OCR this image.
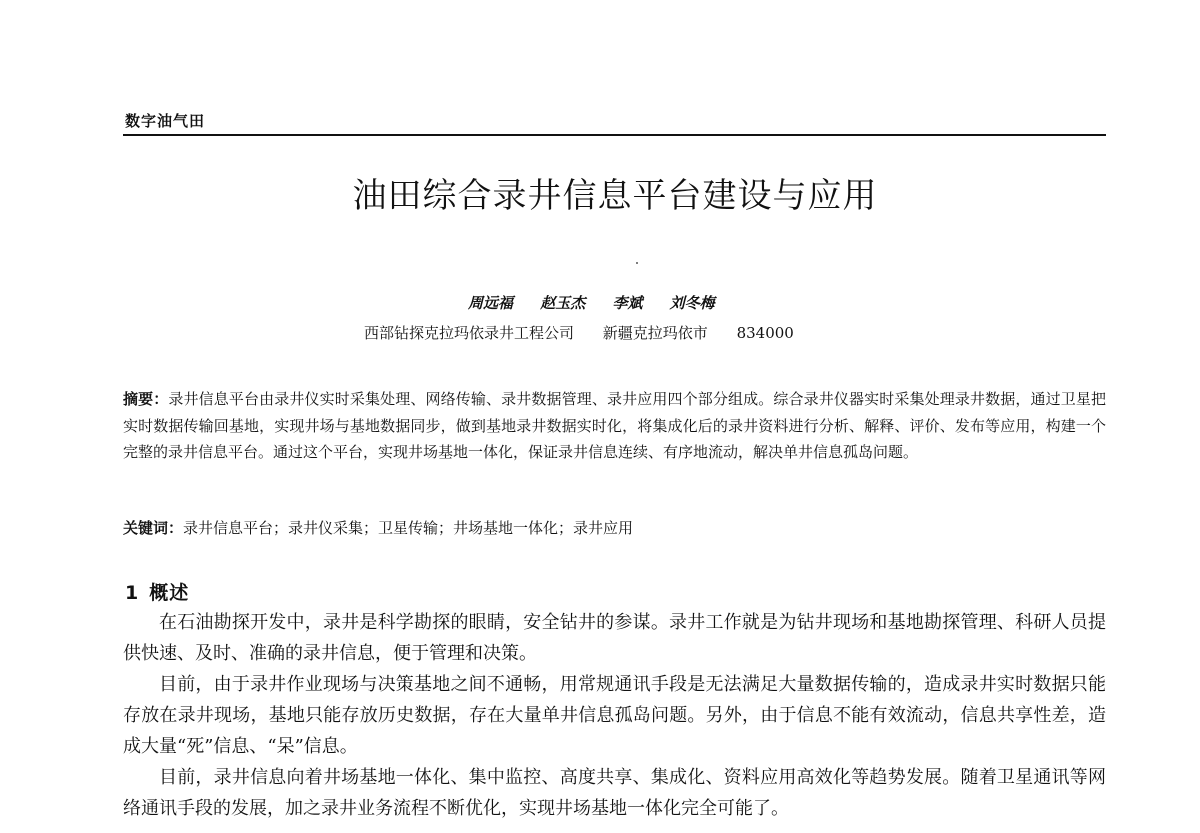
数字油气田
油田综合录井信息平台建设与应用
周远福 赵玉杰 李斌 刘冬梅
西部钻探克拉玛依录井工程公司 新疆克拉玛依市 834000
摘要：录井信息平台由录井仪实时采集处理、网络传输、录井数据管理、录井应用四个部分组成。综合录井仪器实时采集处理录井数据，通过卫星把实时数据传输回基地，实现井场与基地数据同步，做到基地录井数据实时化，将集成化后的录井资料进行分析、解释、评价、发布等应用，构建一个完整的录井信息平台。通过这个平台，实现井场基地一体化，保证录井信息连续、有序地流动，解决单井信息孤岛问题。
关键词：录井信息平台；录井仪采集；卫星传输；井场基地一体化；录井应用
1 概述

在石油勘探开发中，录井是科学勘探的眼睛，安全钻井的参谋。录井工作就是为钻井现场和基地勘探管理、科研人员提供快速、及时、准确的录井信息，便于管理和决策。

目前，由于录井作业现场与决策基地之间不通畅，用常规通讯手段是无法满足大量数据传输的，造成录井实时数据只能存放在录井现场，基地只能存放历史数据，存在大量单井信息孤岛问题。另外，由于信息不能有效流动，信息共享性差，造成大量“死”信息、“呆”信息。

目前，录井信息向着井场基地一体化、集中监控、高度共享、集成化、资料应用高效化等趋势发展。随着卫星通讯等网络通讯手段的发展，加之录井业务流程不断优化，实现井场基地一体化完全可能了。
